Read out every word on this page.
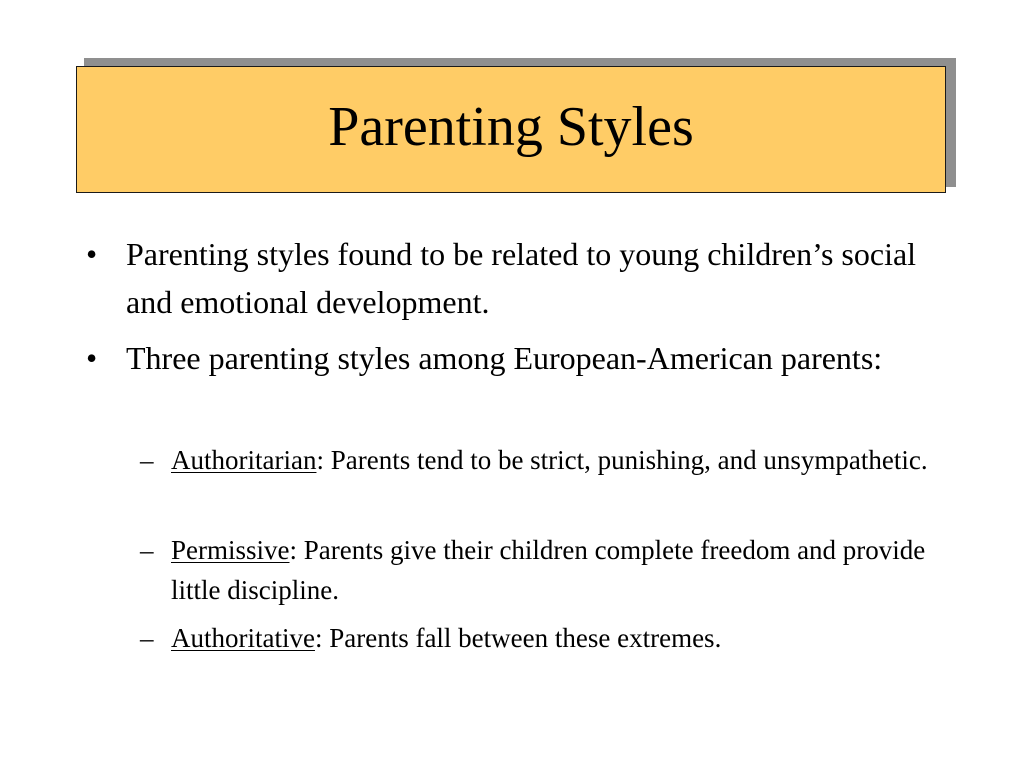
Parenting Styles
• Parenting styles found to be related to young children’s social and emotional development.
• Three parenting styles among European-American parents:
– Authoritarian: Parents tend to be strict, punishing, and unsympathetic.
– Permissive: Parents give their children complete freedom and provide little discipline.
– Authoritative: Parents fall between these extremes.
